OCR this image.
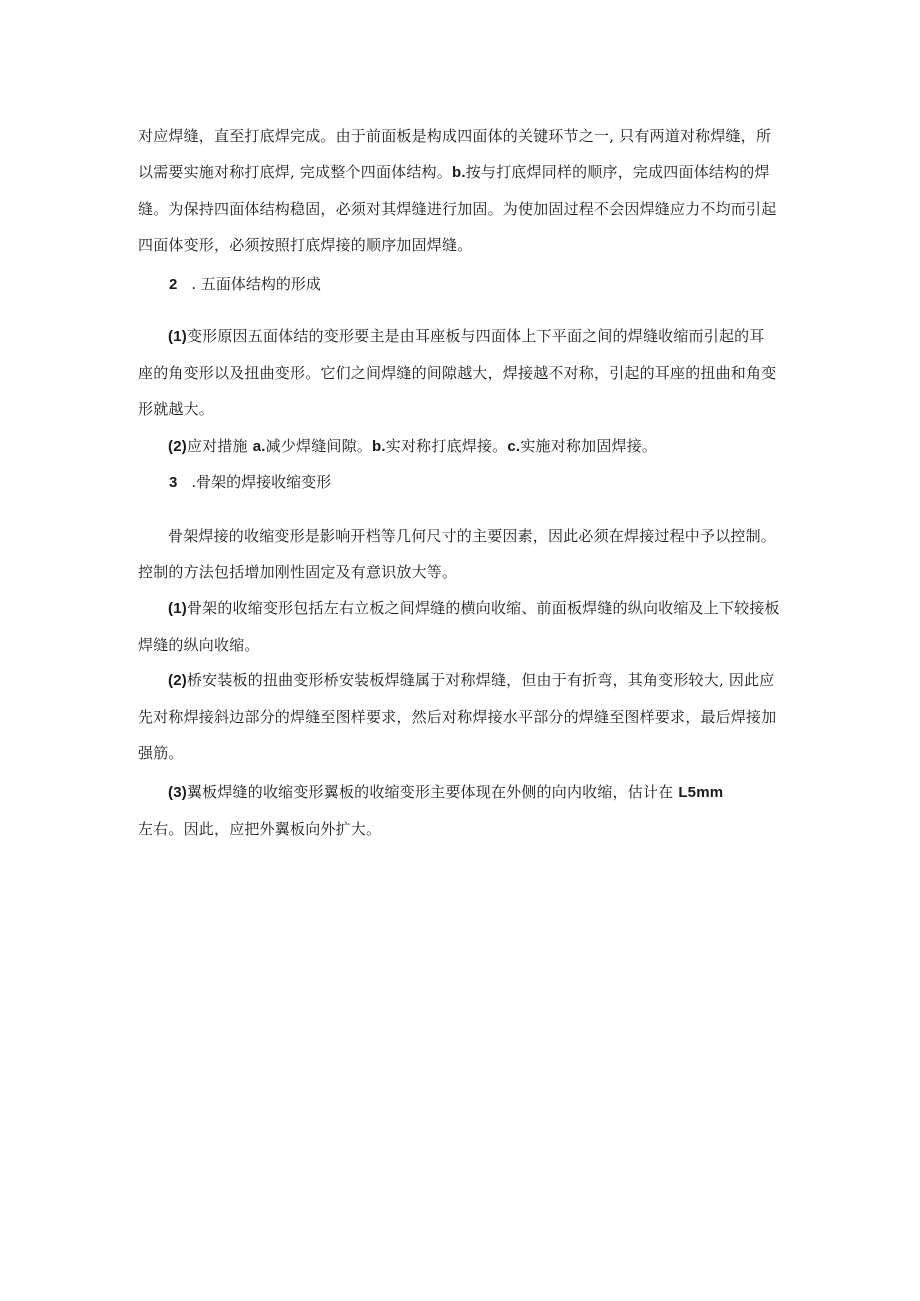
对应焊缝，直至打底焊完成。由于前面板是构成四面体的关键环节之一, 只有两道对称焊缝，所
以需要实施对称打底焊, 完成整个四面体结构。b.按与打底焊同样的顺序，完成四面体结构的焊
缝。为保持四面体结构稳固，必须对其焊缝进行加固。为使加固过程不会因焊缝应力不均而引起
四面体变形，必须按照打底焊接的顺序加固焊缝。
2 . 五面体结构的形成
(1)变形原因五面体结的变形要主是由耳座板与四面体上下平面之间的焊缝收缩而引起的耳
座的角变形以及扭曲变形。它们之间焊缝的间隙越大，焊接越不对称，引起的耳座的扭曲和角变
形就越大。
(2)应对措施 a.减少焊缝间隙。b.实对称打底焊接。c.实施对称加固焊接。
3 .骨架的焊接收缩变形
骨架焊接的收缩变形是影响开档等几何尺寸的主要因素，因此必须在焊接过程中予以控制。
控制的方法包括增加刚性固定及有意识放大等。
(1)骨架的收缩变形包括左右立板之间焊缝的横向收缩、前面板焊缝的纵向收缩及上下较接板
焊缝的纵向收缩。
(2)桥安装板的扭曲变形桥安装板焊缝属于对称焊缝，但由于有折弯，其角变形较大, 因此应
先对称焊接斜边部分的焊缝至图样要求，然后对称焊接水平部分的焊缝至图样要求，最后焊接加
强筋。
(3)翼板焊缝的收缩变形翼板的收缩变形主要体现在外侧的向内收缩，估计在 L5mm
左右。因此，应把外翼板向外扩大。
